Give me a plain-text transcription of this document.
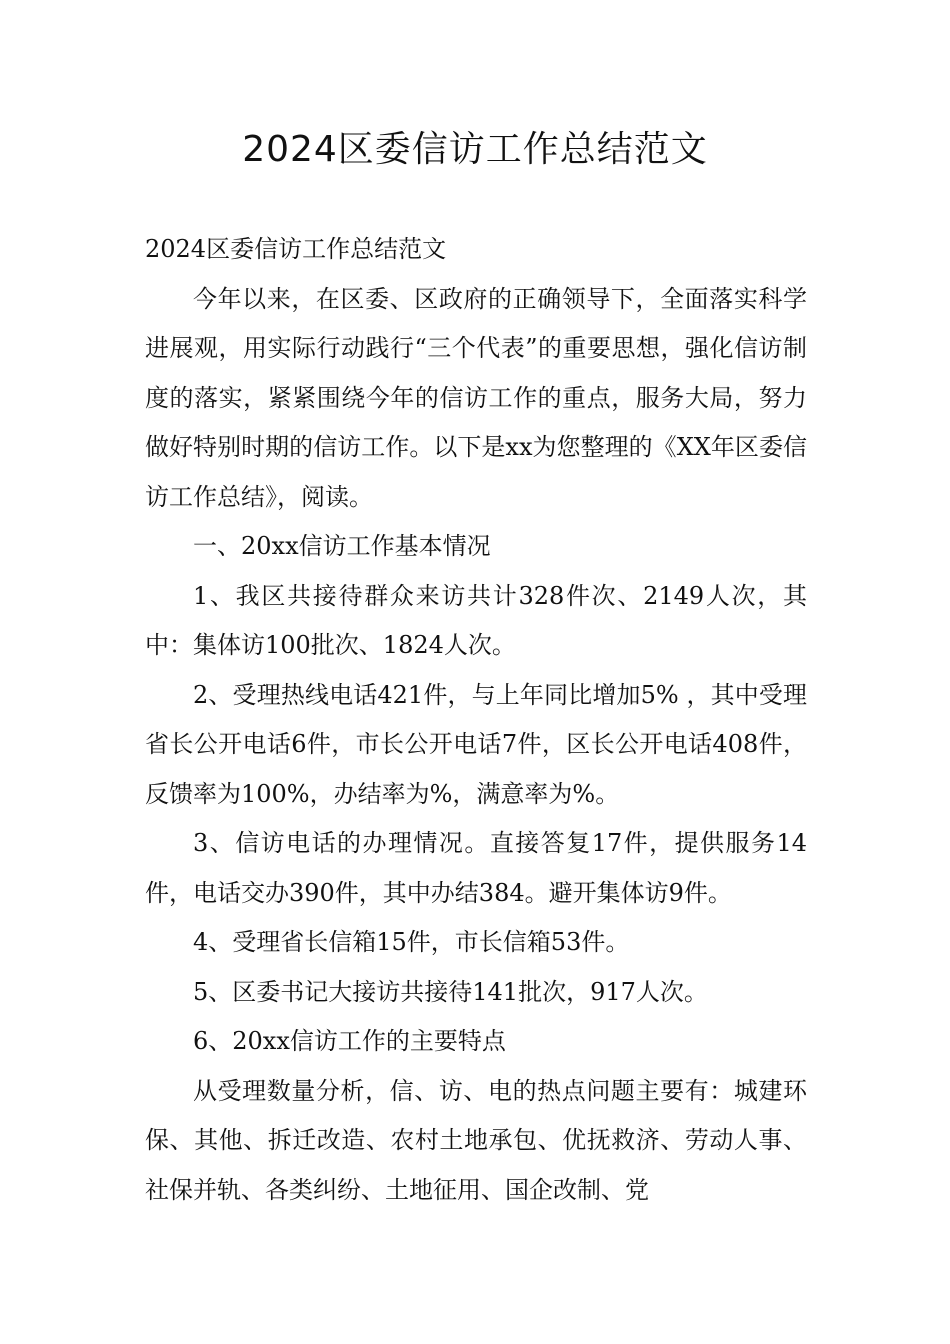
2024区委信访工作总结范文

2024区委信访工作总结范文

今年以来，在区委、区政府的正确领导下，全面落实科学进展观，用实际行动践行“三个代表”的重要思想，强化信访制度的落实，紧紧围绕今年的信访工作的重点，服务大局，努力做好特别时期的信访工作。以下是xx为您整理的《XX年区委信访工作总结》，阅读。

一、20xx信访工作基本情况

1、我区共接待群众来访共计328件次、2149人次，其中：集体访100批次、1824人次。

2、受理热线电话421件，与上年同比增加5% ，其中受理省长公开电话6件，市长公开电话7件，区长公开电话408件，反馈率为100%，办结率为%，满意率为%。

3、信访电话的办理情况。直接答复17件，提供服务14件，电话交办390件，其中办结384。避开集体访9件。

4、受理省长信箱15件，市长信箱53件。

5、区委书记大接访共接待141批次，917人次。

6、20xx信访工作的主要特点

从受理数量分析，信、访、电的热点问题主要有：城建环保、其他、拆迁改造、农村土地承包、优抚救济、劳动人事、社保并轨、各类纠纷、土地征用、国企改制、党
